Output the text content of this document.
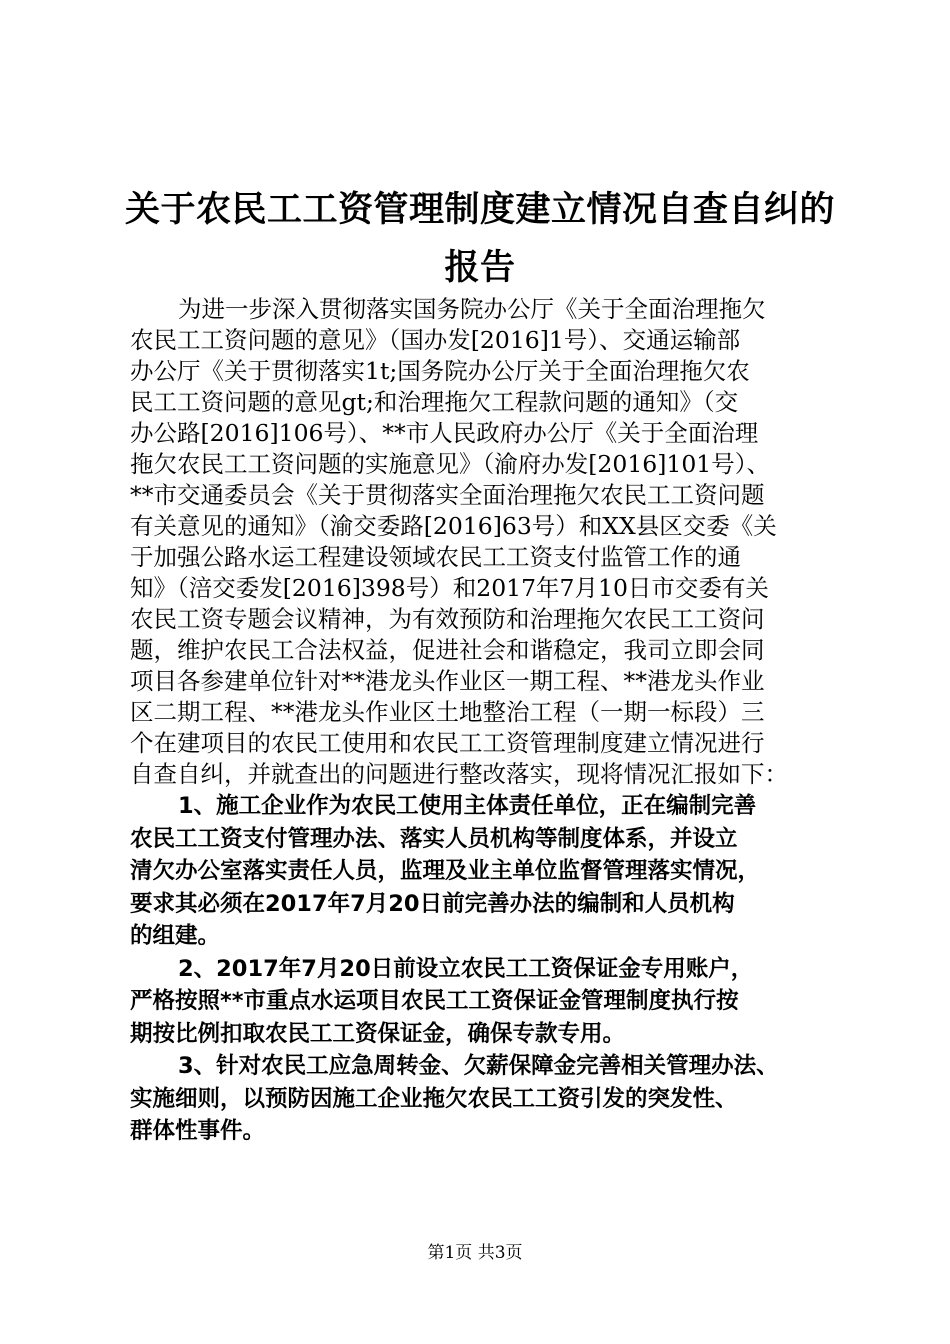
关于农民工工资管理制度建立情况自查自纠的
报告
为进一步深入贯彻落实国务院办公厅《关于全面治理拖欠
农民工工资问题的意见》（国办发[2016]1号）、交通运输部
办公厅《关于贯彻落实1t;国务院办公厅关于全面治理拖欠农
民工工资问题的意见gt;和治理拖欠工程款问题的通知》（交
办公路[2016]106号）、**市人民政府办公厅《关于全面治理
拖欠农民工工资问题的实施意见》（渝府办发[2016]101号）、
**市交通委员会《关于贯彻落实全面治理拖欠农民工工资问题
有关意见的通知》（渝交委路[2016]63号）和XX县区交委《关
于加强公路水运工程建设领域农民工工资支付监管工作的通
知》（涪交委发[2016]398号）和2017年7月10日市交委有关
农民工资专题会议精神，为有效预防和治理拖欠农民工工资问
题，维护农民工合法权益，促进社会和谐稳定，我司立即会同
项目各参建单位针对**港龙头作业区一期工程、**港龙头作业
区二期工程、**港龙头作业区土地整治工程（一期一标段）三
个在建项目的农民工使用和农民工工资管理制度建立情况进行
自查自纠，并就查出的问题进行整改落实，现将情况汇报如下：
1、施工企业作为农民工使用主体责任单位，正在编制完善
农民工工资支付管理办法、落实人员机构等制度体系，并设立
清欠办公室落实责任人员，监理及业主单位监督管理落实情况，
要求其必须在2017年7月20日前完善办法的编制和人员机构
的组建。
2、2017年7月20日前设立农民工工资保证金专用账户，
严格按照**市重点水运项目农民工工资保证金管理制度执行按
期按比例扣取农民工工资保证金，确保专款专用。
3、针对农民工应急周转金、欠薪保障金完善相关管理办法、
实施细则，以预防因施工企业拖欠农民工工资引发的突发性、
群体性事件。
第1页 共3页
